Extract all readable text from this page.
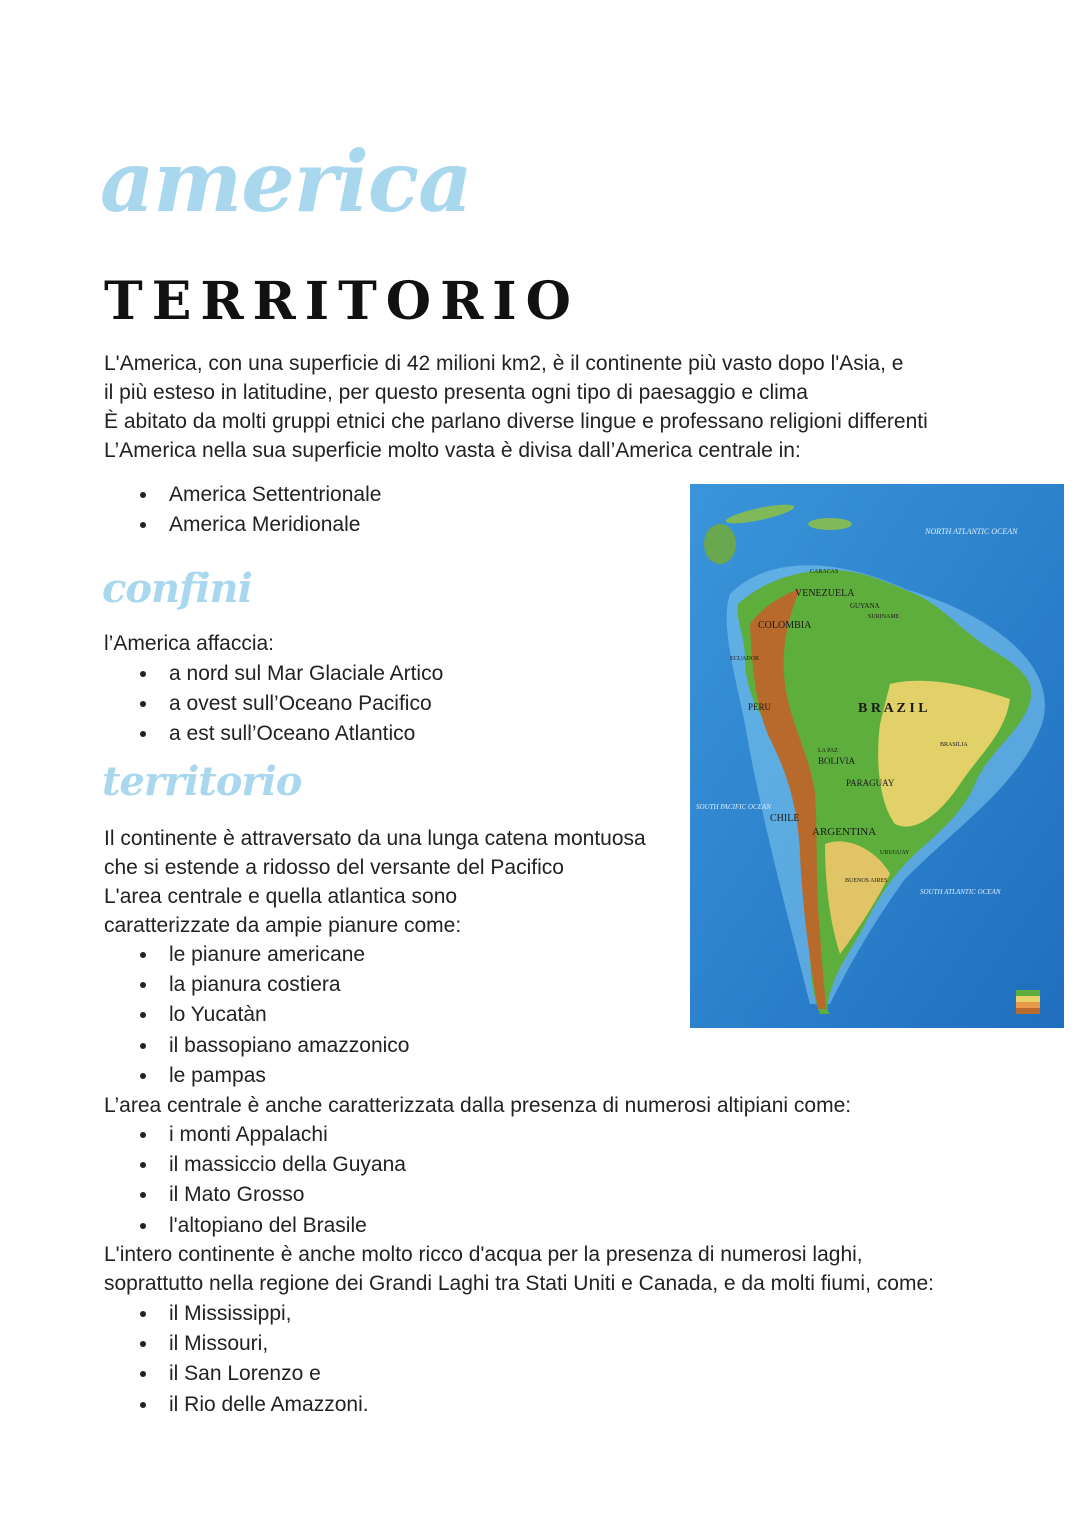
america
TERRITORIO
L'America, con una superficie di 42 milioni km2, è il continente più vasto dopo l'Asia, e
il più esteso in latitudine, per questo presenta ogni tipo di paesaggio e clima
È abitato da molti gruppi etnici che parlano diverse lingue e professano religioni differenti
L’America nella sua superficie molto vasta è divisa dall’America centrale in:
America Settentrionale
America Meridionale
confini
l’America affaccia:
a nord sul Mar Glaciale Artico
a ovest sull’Oceano Pacifico
a est sull’Oceano Atlantico
territorio
Il continente è attraversato da una lunga catena montuosa
che si estende a ridosso del versante del Pacifico
L'area centrale e quella atlantica sono
caratterizzate da ampie pianure come:
le pianure americane
la pianura costiera
lo Yucatàn
il bassopiano amazzonico
le pampas
L’area centrale è anche caratterizzata dalla presenza di numerosi altipiani come:
i monti Appalachi
il massiccio della Guyana
il Mato Grosso
l'altopiano del Brasile
L'intero continente è anche molto ricco d'acqua per la presenza di numerosi laghi,
soprattutto nella regione dei Grandi Laghi tra Stati Uniti e Canada, e da molti fiumi, come:
il Mississippi,
il Missouri,
il San Lorenzo e
il Rio delle Amazzoni.
VENEZUELA
COLOMBIA
GUYANA
SURINAME
ECUADOR
PERU	B R A Z I L
BOLIVIA
PARAGUAY
CHILE
ARGENTINA
URUGUAY
CARACAS
LA PAZ
BUENOS AIRES
BRASILIA
NORTH ATLANTIC OCEAN
SOUTH PACIFIC OCEAN
SOUTH ATLANTIC OCEAN
